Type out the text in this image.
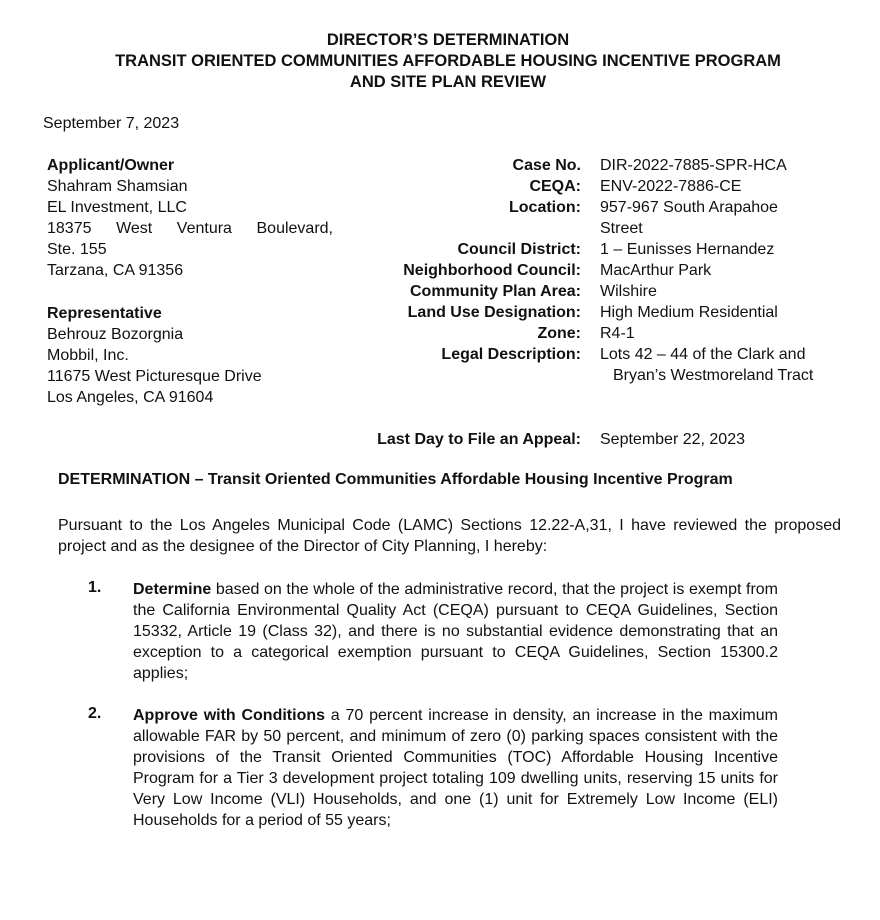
DIRECTOR’S DETERMINATION
TRANSIT ORIENTED COMMUNITIES AFFORDABLE HOUSING INCENTIVE PROGRAM
AND SITE PLAN REVIEW
September 7, 2023
Applicant/Owner
Shahram Shamsian
EL Investment, LLC
18375 West Ventura Boulevard,
Ste. 155
Tarzana, CA 91356
Representative
Behrouz Bozorgnia
Mobbil, Inc.
11675 West Picturesque Drive
Los Angeles, CA 91604
Case No.
CEQA:
Location:
Council District:
Neighborhood Council:
Community Plan Area:
Land Use Designation:
Zone:
Legal Description:
Last Day to File an Appeal:
DIR-2022-7885-SPR-HCA
ENV-2022-7886-CE
957-967 South Arapahoe
Street
1 – Eunisses Hernandez
MacArthur Park
Wilshire
High Medium Residential
R4-1
Lots 42 – 44 of the Clark and
Bryan’s Westmoreland Tract
September 22, 2023
DETERMINATION – Transit Oriented Communities Affordable Housing Incentive Program
Pursuant to the Los Angeles Municipal Code (LAMC) Sections 12.22-A,31, I have reviewed the proposed project and as the designee of the Director of City Planning, I hereby:
1. Determine based on the whole of the administrative record, that the project is exempt from the California Environmental Quality Act (CEQA) pursuant to CEQA Guidelines, Section 15332, Article 19 (Class 32), and there is no substantial evidence demonstrating that an exception to a categorical exemption pursuant to CEQA Guidelines, Section 15300.2 applies;
2. Approve with Conditions a 70 percent increase in density, an increase in the maximum allowable FAR by 50 percent, and minimum of zero (0) parking spaces consistent with the provisions of the Transit Oriented Communities (TOC) Affordable Housing Incentive Program for a Tier 3 development project totaling 109 dwelling units, reserving 15 units for Very Low Income (VLI) Households, and one (1) unit for Extremely Low Income (ELI) Households for a period of 55 years;
